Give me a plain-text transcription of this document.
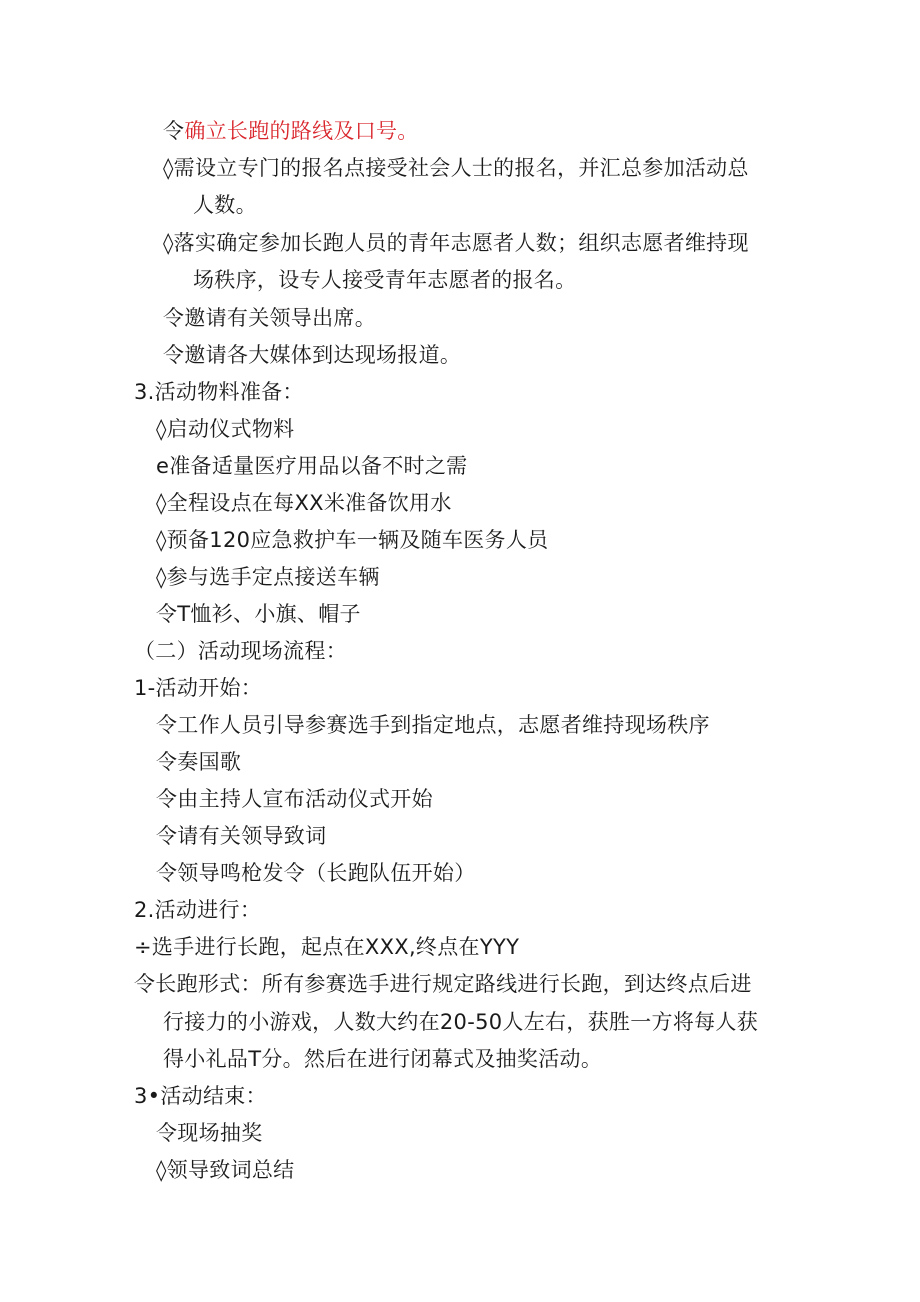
令确立长跑的路线及口号。
◊需设立专门的报名点接受社会人士的报名，并汇总参加活动总
人数。
◊落实确定参加长跑人员的青年志愿者人数；组织志愿者维持现
场秩序，设专人接受青年志愿者的报名。
令邀请有关领导出席。
令邀请各大媒体到达现场报道。
3.活动物料准备：
◊启动仪式物料
e准备适量医疗用品以备不时之需
◊全程设点在每XX米准备饮用水
◊预备120应急救护车一辆及随车医务人员
◊参与选手定点接送车辆
令T恤衫、小旗、帽子
（二）活动现场流程：
1-活动开始：
令工作人员引导参赛选手到指定地点，志愿者维持现场秩序
令奏国歌
令由主持人宣布活动仪式开始
令请有关领导致词
令领导鸣枪发令（长跑队伍开始）
2.活动进行：
÷选手进行长跑，起点在XXX,终点在YYY
令长跑形式：所有参赛选手进行规定路线进行长跑，到达终点后进
行接力的小游戏，人数大约在20-50人左右，获胜一方将每人获
得小礼品T分。然后在进行闭幕式及抽奖活动。
3•活动结束：
令现场抽奖
◊领导致词总结
